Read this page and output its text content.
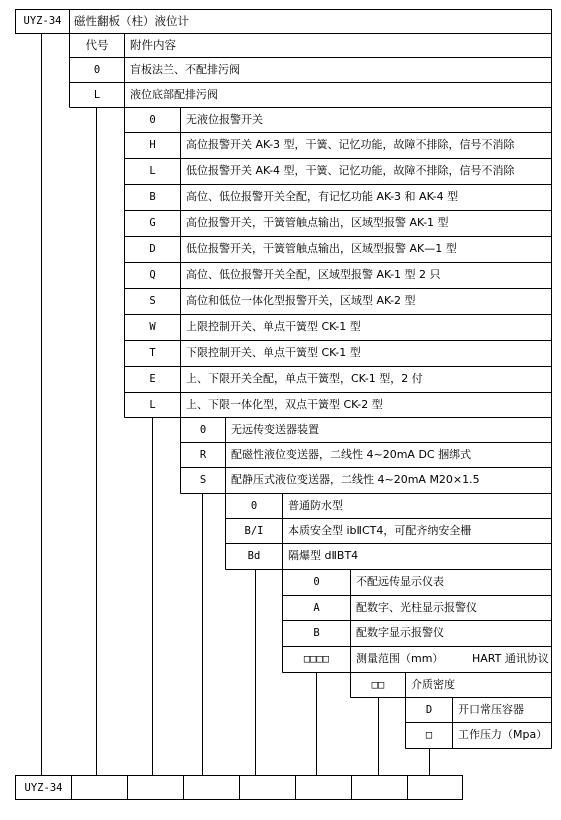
UYZ-34	磁性翻板（柱）液位计
代号	附件内容
0	盲板法兰、不配排污阀
L	液位底部配排污阀
0	无液位报警开关
H	高位报警开关 AK-3 型，干簧、记忆功能，故障不排除，信号不消除
L	低位报警开关 AK-4 型，干簧、记忆功能，故障不排除，信号不消除
B	高位、低位报警开关全配，有记忆功能 AK-3 和 AK-4 型
G	高位报警开关，干簧管触点输出，区域型报警 AK-1 型
D	低位报警开关，干簧管触点输出，区域型报警 AK—1 型
Q	高位、低位报警开关全配，区域型报警 AK-1 型 2 只
S	高位和低位一体化型报警开关，区域型 AK-2 型
W	上限控制开关、单点干簧型 CK-1 型
T	下限控制开关、单点干簧型 CK-1 型
E	上、下限开关全配，单点干簧型，CK-1 型，2 付
L	上、下限一体化型，双点干簧型 CK-2 型
0	无远传变送器装置
R	配磁性液位变送器，二线性 4~20mA DC 捆绑式
S	配静压式液位变送器，二线性 4~20mA M20×1.5
0	普通防水型
B/I	本质安全型 ibⅡCT4，可配齐纳安全栅
Bd	隔爆型 dⅡBT4
0	不配远传显示仪表
A	配数字、光柱显示报警仪
B	配数字显示报警仪
□□□□	测量范围（mm）	HART 通讯协议
□□	介质密度
D	开口常压容器
□	工作压力（Mpa）
UYZ-34
